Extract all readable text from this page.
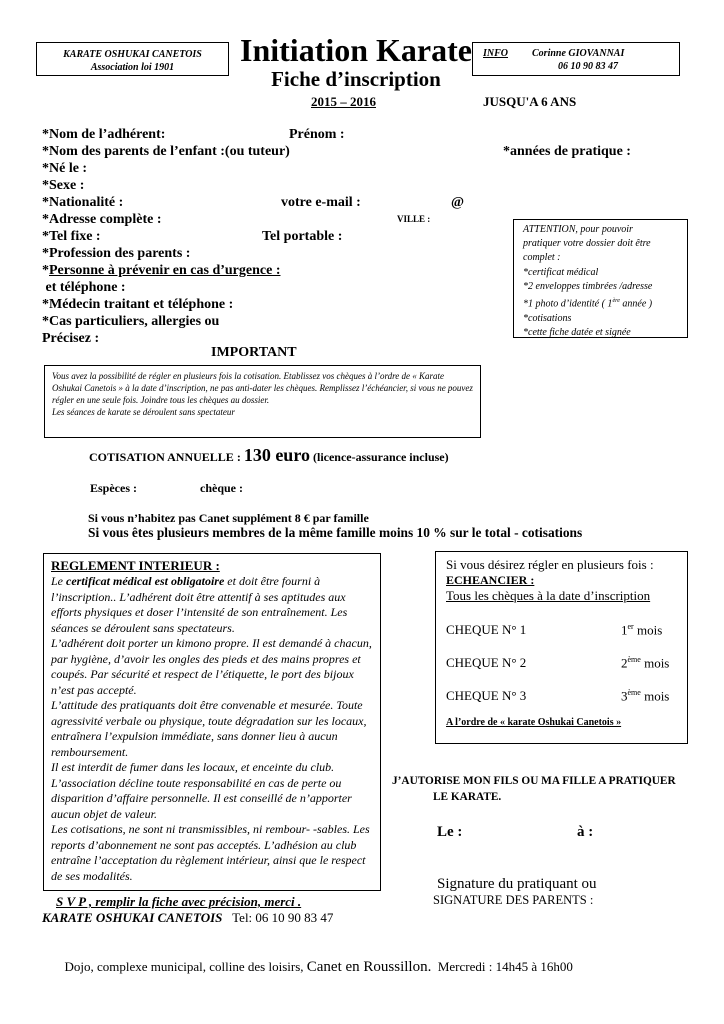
KARATE OSHUKAI CANETOIS
Association loi 1901	Initiation Karate
Fiche d’inscription
2015 – 2016	JUSQU'A 6 ANS
INFO Corinne GIOVANNAI
06 10 90 83 47
*Nom de l’adhérent:	Prénom :
*Nom des parents de l’enfant :(ou tuteur)	*années de pratique :
*Né le :
*Sexe :
*Nationalité :	votre e-mail :	@
*Adresse complète :	VILLE :
*Tel fixe :	Tel portable :
*Profession des parents :
*Personne à prévenir en cas d’urgence :
et téléphone :
*Médecin traitant et téléphone :
*Cas particuliers, allergies ou
Précisez :
ATTENTION, pour pouvoir
pratiquer votre dossier doit être
complet :
*certificat médical
*2 enveloppes timbrées /adresse
*1 photo d’identité ( 1ère année )
*cotisations
*cette fiche datée et signée
IMPORTANT
Vous avez la possibilité de régler en plusieurs fois la cotisation. Etablissez vos chèques à l’ordre de « Karate Oshukai Canetois » à la date d’inscription, ne pas anti-dater les chèques. Remplissez l’échéancier, si vous ne pouvez régler en une seule fois. Joindre tous les chèques au dossier.
Les séances de karate se déroulent sans spectateur
COTISATION ANNUELLE : 130 euro (licence-assurance incluse)
Espèces :	chèque :
Si vous n’habitez pas Canet supplément 8 € par famille
Si vous êtes plusieurs membres de la même famille moins 10 % sur le total - cotisations
REGLEMENT INTERIEUR :

Le certificat médical est obligatoire et doit être fourni à l’inscription.. L’adhérent doit être attentif à ses aptitudes aux efforts physiques et doser l’intensité de son entraînement. Les séances se déroulent sans spectateurs.

L’adhérent doit porter un kimono propre. Il est demandé à chacun, par hygiène, d’avoir les ongles des pieds et des mains propres et coupés. Par sécurité et respect de l’étiquette, le port des bijoux n’est pas accepté.

L’attitude des pratiquants doit être convenable et mesurée. Toute agressivité verbale ou physique, toute dégradation sur les locaux, entraînera l’expulsion immédiate, sans donner lieu à aucun remboursement.

Il est interdit de fumer dans les locaux, et enceinte du club. L’association décline toute responsabilité en cas de perte ou disparition d’affaire personnelle. Il est conseillé de n’apporter aucun objet de valeur.

Les cotisations, ne sont ni transmissibles, ni rembour- -sables. Les reports d’abonnement ne sont pas acceptés. L’adhésion au club entraîne l’acceptation du règlement intérieur, ainsi que le respect de ses modalités.

Si vous désirez régler en plusieurs fois :
ECHEANCIER :
Tous les chèques à la date d’inscription
CHEQUE N° 1	1er mois
CHEQUE N° 2	2ème mois
CHEQUE N° 3	3ème mois
A l’ordre de « karate Oshukai Canetois »
J’AUTORISE MON FILS OU MA FILLE A PRATIQUER
LE KARATE.
Le :	à :
Signature du pratiquant ou
SIGNATURE DES PARENTS :
S V P , remplir la fiche avec précision, merci .
KARATE OSHUKAI CANETOIS Tel: 06 10 90 83 47

Dojo, complexe municipal, colline des loisirs, Canet en Roussillon.  Mercredi : 14h45 à 16h00
